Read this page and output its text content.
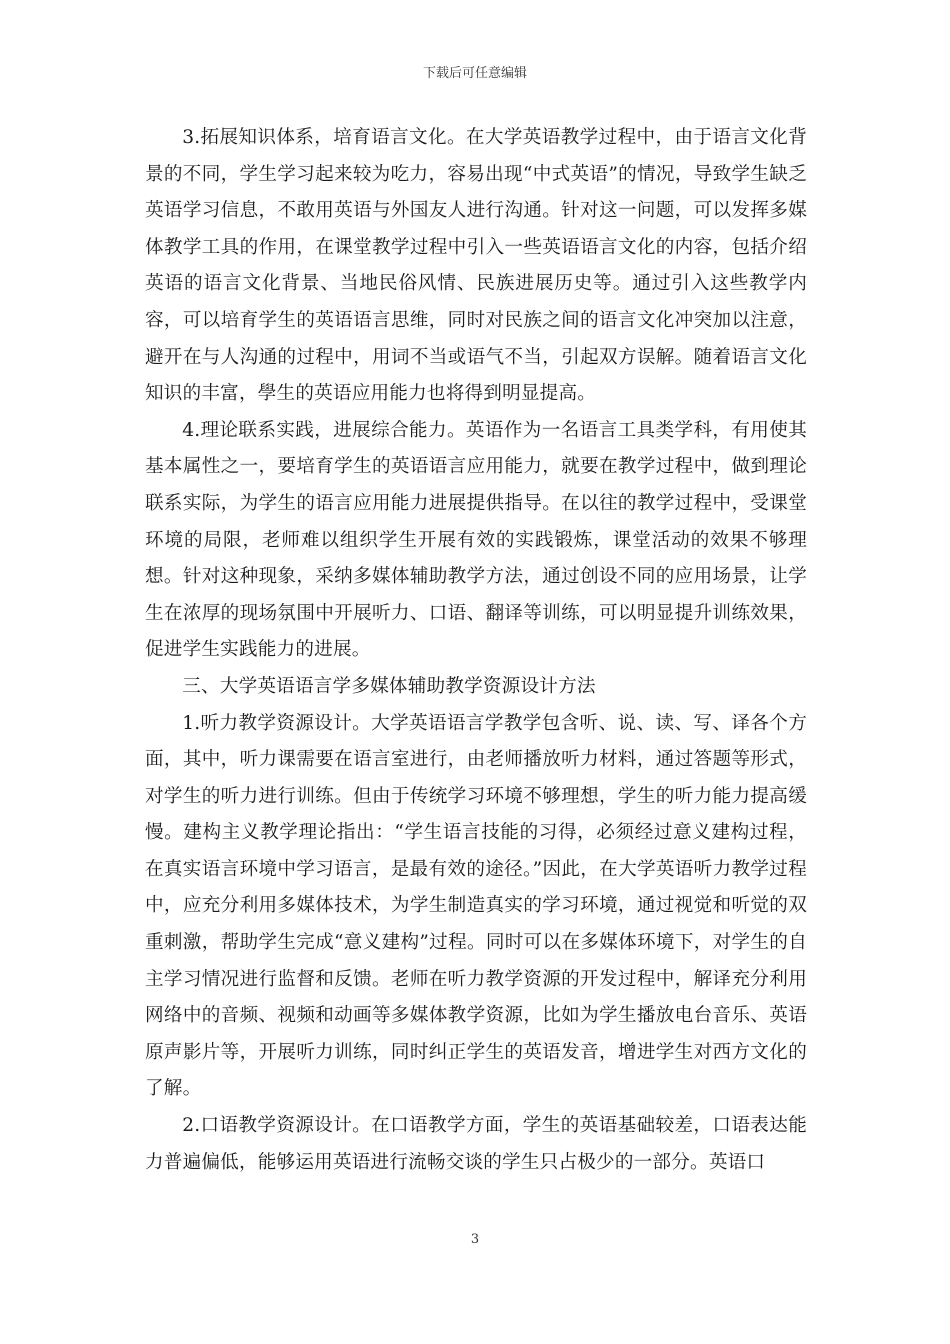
下载后可任意编辑

3.拓展知识体系，培育语言文化。在大学英语教学过程中，由于语言文化背景的不同，学生学习起来较为吃力，容易出现“中式英语”的情况，导致学生缺乏英语学习信息，不敢用英语与外国友人进行沟通。针对这一问题，可以发挥多媒体教学工具的作用，在课堂教学过程中引入一些英语语言文化的内容，包括介绍英语的语言文化背景、当地民俗风情、民族进展历史等。通过引入这些教学内容，可以培育学生的英语语言思维，同时对民族之间的语言文化冲突加以注意，避开在与人沟通的过程中，用词不当或语气不当，引起双方误解。随着语言文化知识的丰富，學生的英语应用能力也将得到明显提高。

4.理论联系实践，进展综合能力。英语作为一名语言工具类学科，有用使其基本属性之一，要培育学生的英语语言应用能力，就要在教学过程中，做到理论联系实际，为学生的语言应用能力进展提供指导。在以往的教学过程中，受课堂环境的局限，老师难以组织学生开展有效的实践锻炼，课堂活动的效果不够理想。针对这种现象，采纳多媒体辅助教学方法，通过创设不同的应用场景，让学生在浓厚的现场氛围中开展听力、口语、翻译等训练，可以明显提升训练效果，促进学生实践能力的进展。

三、大学英语语言学多媒体辅助教学资源设计方法

1.听力教学资源设计。大学英语语言学教学包含听、说、读、写、译各个方面，其中，听力课需要在语言室进行，由老师播放听力材料，通过答题等形式，对学生的听力进行训练。但由于传统学习环境不够理想，学生的听力能力提高缓慢。建构主义教学理论指出：“学生语言技能的习得，必须经过意义建构过程，在真实语言环境中学习语言，是最有效的途径。”因此，在大学英语听力教学过程中，应充分利用多媒体技术，为学生制造真实的学习环境，通过视觉和听觉的双重刺激，帮助学生完成“意义建构”过程。同时可以在多媒体环境下，对学生的自主学习情况进行监督和反馈。老师在听力教学资源的开发过程中，解译充分利用网络中的音频、视频和动画等多媒体教学资源，比如为学生播放电台音乐、英语原声影片等，开展听力训练，同时纠正学生的英语发音，增进学生对西方文化的了解。

2.口语教学资源设计。在口语教学方面，学生的英语基础较差，口语表达能力普遍偏低，能够运用英语进行流畅交谈的学生只占极少的一部分。英语口

3
